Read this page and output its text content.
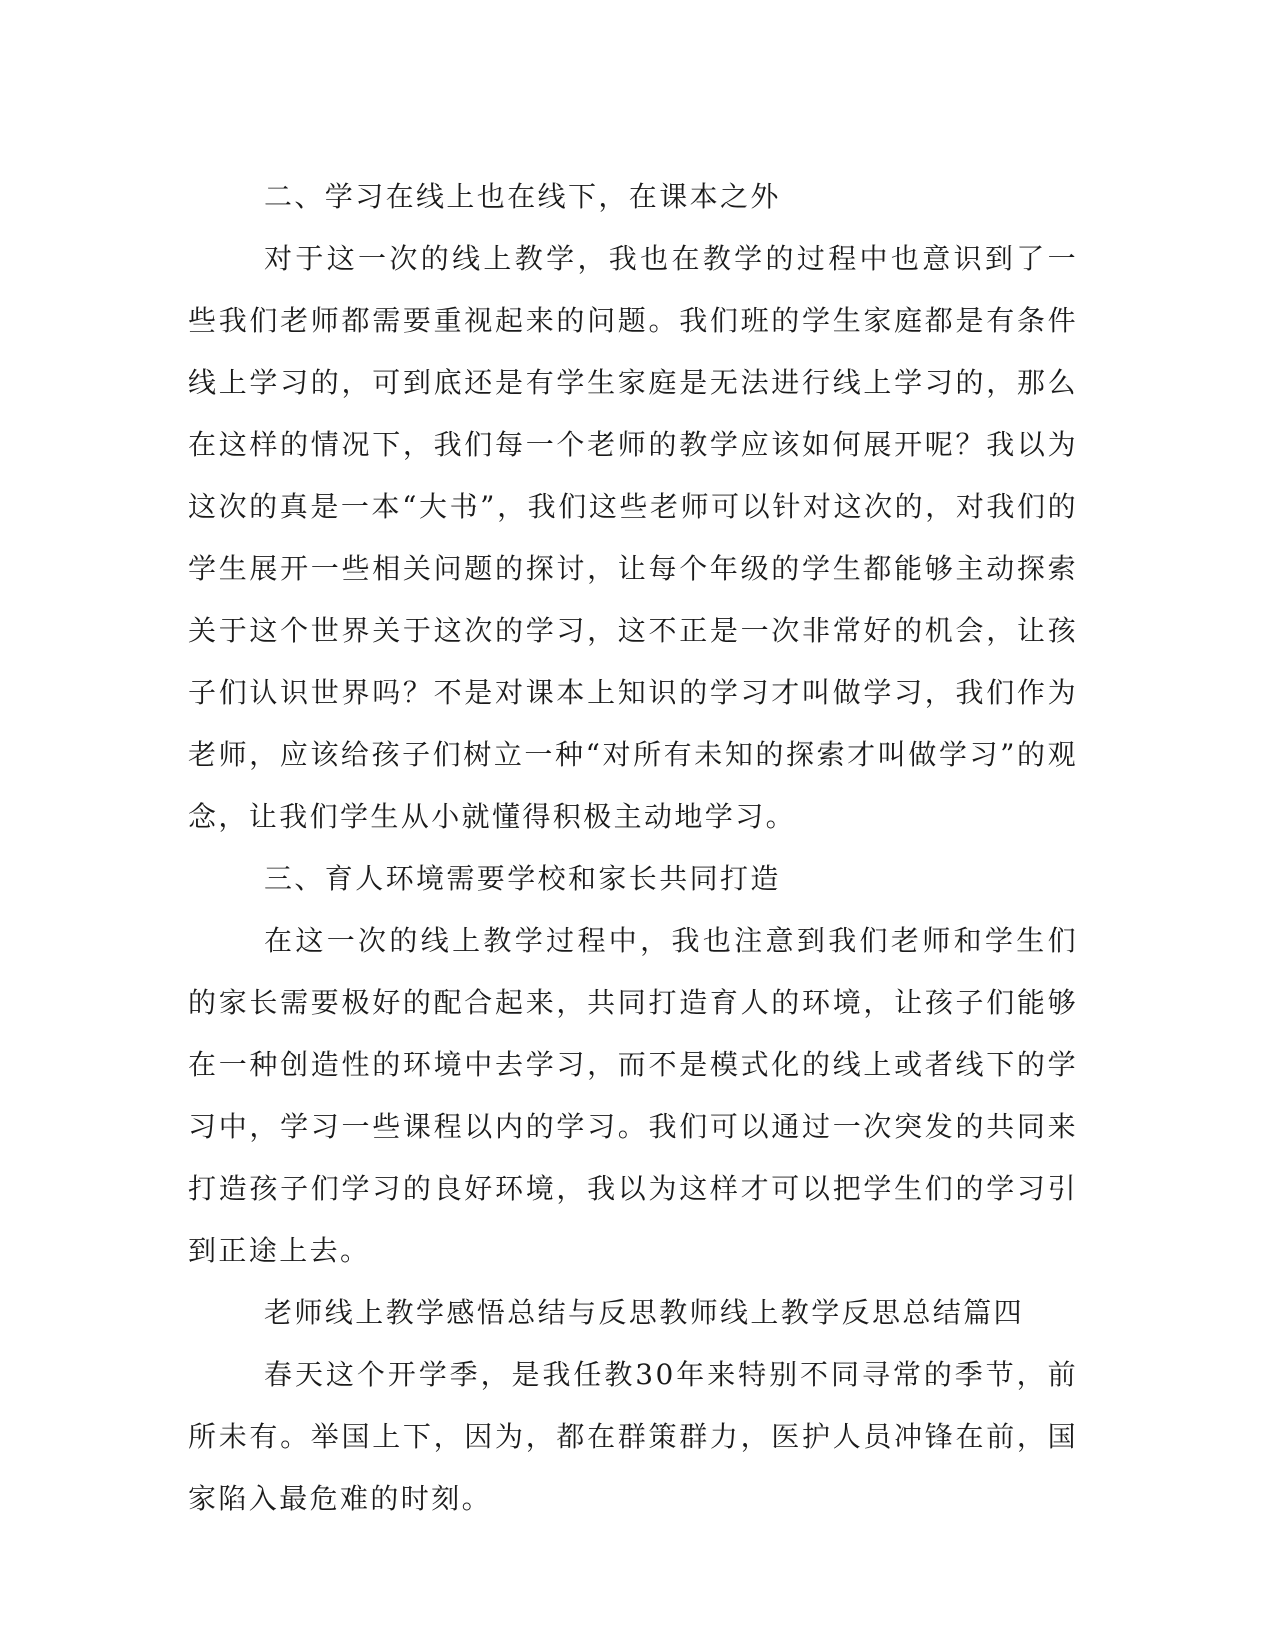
二、学习在线上也在线下，在课本之外

对于这一次的线上教学，我也在教学的过程中也意识到了一些我们老师都需要重视起来的问题。我们班的学生家庭都是有条件线上学习的，可到底还是有学生家庭是无法进行线上学习的，那么在这样的情况下，我们每一个老师的教学应该如何展开呢？我以为这次的真是一本“大书”，我们这些老师可以针对这次的，对我们的学生展开一些相关问题的探讨，让每个年级的学生都能够主动探索关于这个世界关于这次的学习，这不正是一次非常好的机会，让孩子们认识世界吗？不是对课本上知识的学习才叫做学习，我们作为老师，应该给孩子们树立一种“对所有未知的探索才叫做学习”的观念，让我们学生从小就懂得积极主动地学习。

三、育人环境需要学校和家长共同打造

在这一次的线上教学过程中，我也注意到我们老师和学生们的家长需要极好的配合起来，共同打造育人的环境，让孩子们能够在一种创造性的环境中去学习，而不是模式化的线上或者线下的学习中，学习一些课程以内的学习。我们可以通过一次突发的共同来打造孩子们学习的良好环境，我以为这样才可以把学生们的学习引到正途上去。

老师线上教学感悟总结与反思教师线上教学反思总结篇四

春天这个开学季，是我任教30年来特别不同寻常的季节，前所未有。举国上下，因为，都在群策群力，医护人员冲锋在前，国家陷入最危难的时刻。
